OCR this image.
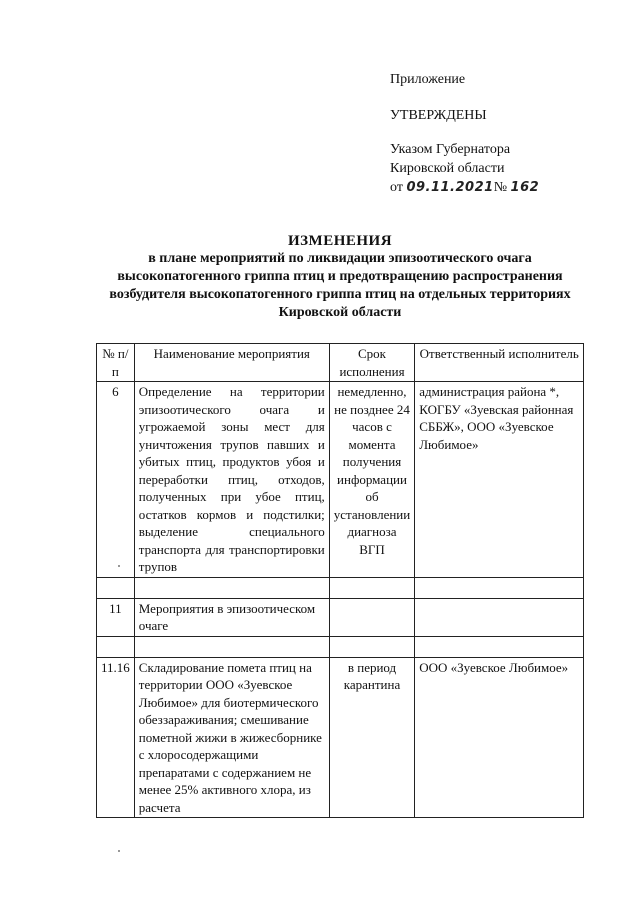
Приложение
УТВЕРЖДЕНЫ
Указом Губернатора
Кировской области
от 09.11.2021№ 162
ИЗМЕНЕНИЯ
в плане мероприятий по ликвидации эпизоотического очага
высокопатогенного гриппа птиц и предотвращению распространения
возбудителя высокопатогенного гриппа птиц на отдельных территориях
Кировской области
№ п/п	Наименование мероприятия	Срок исполнения	Ответственный исполнитель
6	Определение на территории эпизоотического очага и угрожаемой зоны мест для уничтожения трупов павших и убитых птиц, продуктов убоя и переработки птиц, отходов, полученных при убое птиц, остатков кормов и подстилки; выделение специального транспорта для транспортировки трупов	немедленно, не позднее 24 часов с момента получения информации об установлении диагноза ВГП	администрация района *, КОГБУ «Зуевская районная СББЖ», ООО «Зуевское Любимое»

11	Мероприятия в эпизоотическом очаге		

11.16	Складирование помета птиц на территории ООО «Зуевское Любимое» для биотермического обеззараживания; смешивание пометной жижи в жижесборнике с хлоросодержащими препаратами с содержанием не менее 25% активного хлора, из расчета	в период карантина	ООО «Зуевское Любимое»
